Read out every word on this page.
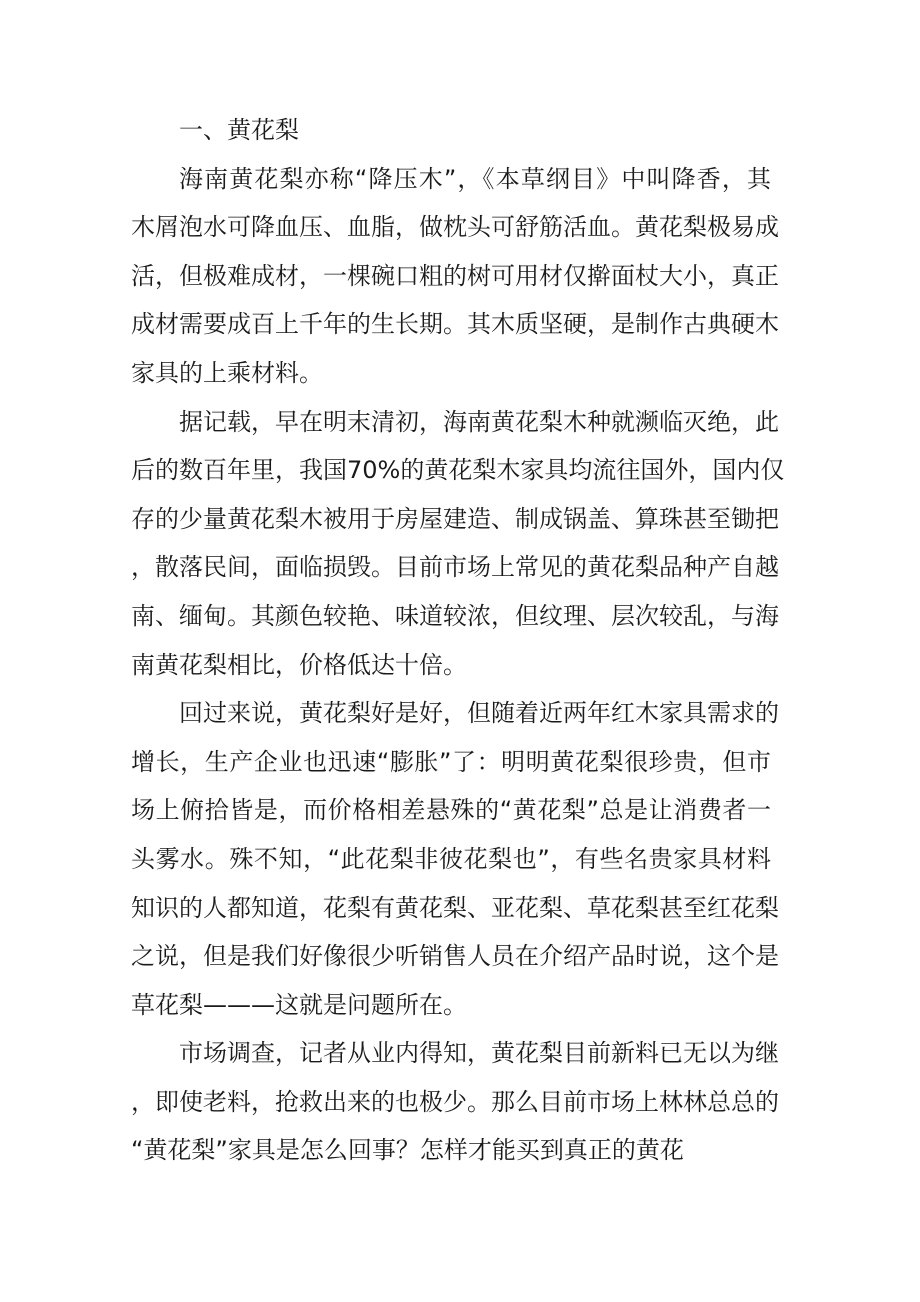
一、黄花梨
海南黄花梨亦称“降压木”，《本草纲目》中叫降香，其
木屑泡水可降血压、血脂，做枕头可舒筋活血。黄花梨极易成
活，但极难成材，一棵碗口粗的树可用材仅擀面杖大小，真正
成材需要成百上千年的生长期。其木质坚硬，是制作古典硬木
家具的上乘材料。
据记载，早在明末清初，海南黄花梨木种就濒临灭绝，此
后的数百年里，我国70%的黄花梨木家具均流往国外，国内仅
存的少量黄花梨木被用于房屋建造、制成锅盖、算珠甚至锄把
，散落民间，面临损毁。目前市场上常见的黄花梨品种产自越
南、缅甸。其颜色较艳、味道较浓，但纹理、层次较乱，与海
南黄花梨相比，价格低达十倍。
回过来说，黄花梨好是好，但随着近两年红木家具需求的
增长，生产企业也迅速“膨胀”了：明明黄花梨很珍贵，但市
场上俯拾皆是，而价格相差悬殊的“黄花梨”总是让消费者一
头雾水。殊不知，“此花梨非彼花梨也”，有些名贵家具材料
知识的人都知道，花梨有黄花梨、亚花梨、草花梨甚至红花梨
之说，但是我们好像很少听销售人员在介绍产品时说，这个是
草花梨———这就是问题所在。
市场调查，记者从业内得知，黄花梨目前新料已无以为继
，即使老料，抢救出来的也极少。那么目前市场上林林总总的
“黄花梨”家具是怎么回事？怎样才能买到真正的黄花
